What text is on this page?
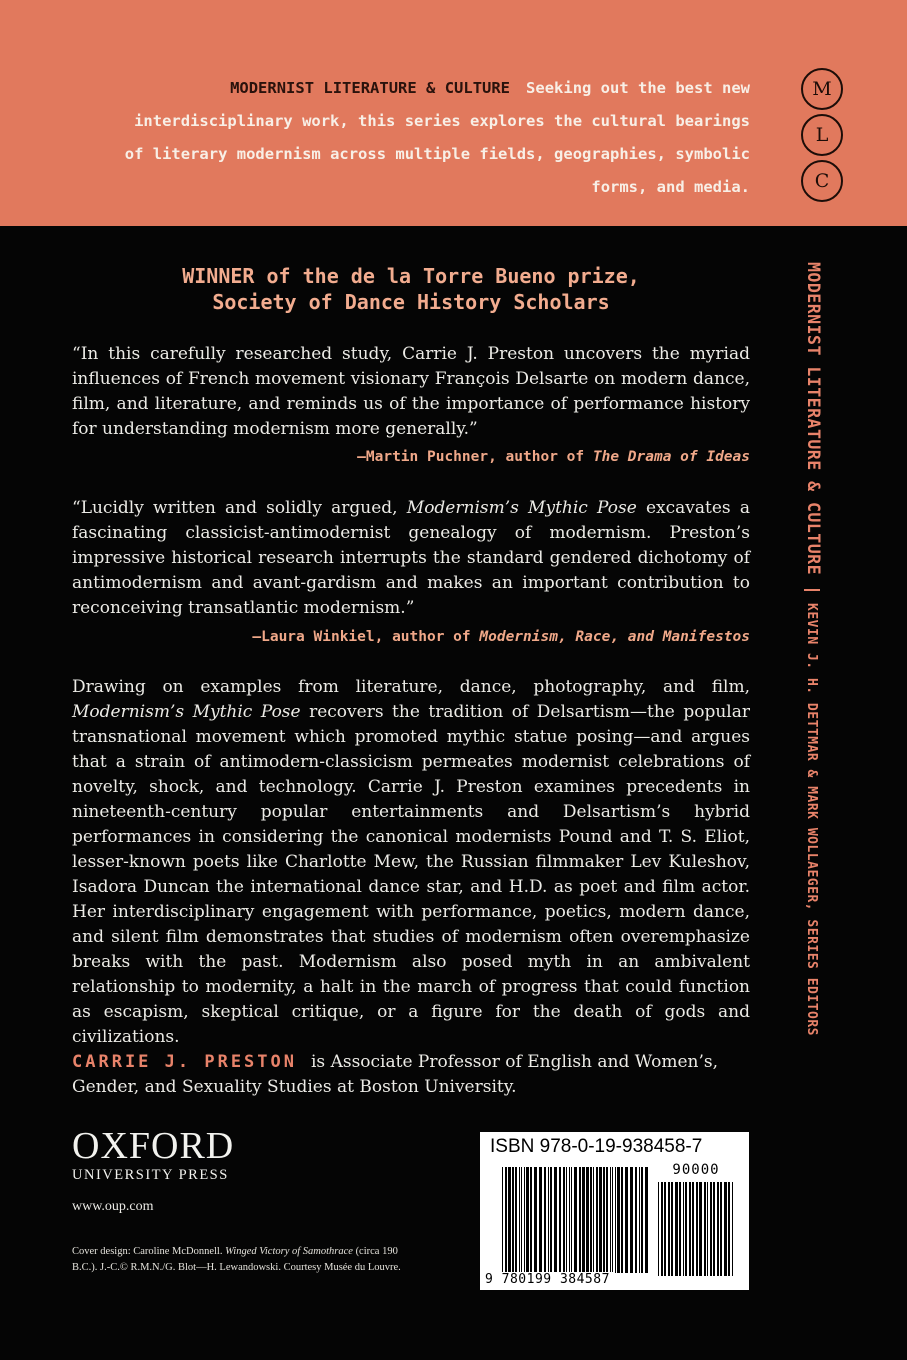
MODERNIST LITERATURE & CULTURE Seeking out the best new interdisciplinary work, this series explores the cultural bearings of literary modernism across multiple fields, geographies, symbolic forms, and media.

M
L
C
MODERNIST LITERATURE & CULTUREKEVIN J. H. DETTMAR & MARK WOLLAEGER, SERIES EDITORS

WINNER of the de la Torre Bueno prize,
Society of Dance History Scholars

“In this carefully researched study, Carrie J. Preston uncovers the myriad influences of French movement visionary François Delsarte on modern dance, film, and literature, and reminds us of the importance of performance history for understanding modernism more generally.”

—Martin Puchner, author of The Drama of Ideas

“Lucidly written and solidly argued, Modernism’s Mythic Pose excavates a fascinating classicist-antimodernist genealogy of modernism. Preston’s impressive historical research interrupts the standard gendered dichotomy of antimodernism and avant-gardism and makes an important contribution to reconceiving transatlantic modernism.”

—Laura Winkiel, author of Modernism, Race, and Manifestos

Drawing on examples from literature, dance, photography, and film, Modernism’s Mythic Pose recovers the tradition of Delsartism—the popular transnational movement which promoted mythic statue posing—and argues that a strain of antimodern-classicism permeates modernist celebrations of novelty, shock, and technology. Carrie J. Preston examines precedents in nineteenth-century popular entertainments and Delsartism’s hybrid performances in considering the canonical modernists Pound and T. S. Eliot, lesser-known poets like Charlotte Mew, the Russian filmmaker Lev Kuleshov, Isadora Duncan the international dance star, and H.D. as poet and film actor. Her interdisciplinary engagement with performance, poetics, modern dance, and silent film demonstrates that studies of modernism often overemphasize breaks with the past. Modernism also posed myth in an ambivalent relationship to modernity, a halt in the march of progress that could function as escapism, skeptical critique, or a figure for the death of gods and civilizations.

CARRIE J. PRESTON is Associate Professor of English and Women’s, Gender, and Sexuality Studies at Boston University.

OXFORD
UNIVERSITY PRESS
www.oup.com

Cover design: Caroline McDonnell. Winged Victory of Samothrace (circa 190 B.C.). J.-C.© R.M.N./G. Blot—H. Lewandowski. Courtesy Musée du Louvre.

ISBN 978-0-19-938458-7
90000
9 780199 384587
